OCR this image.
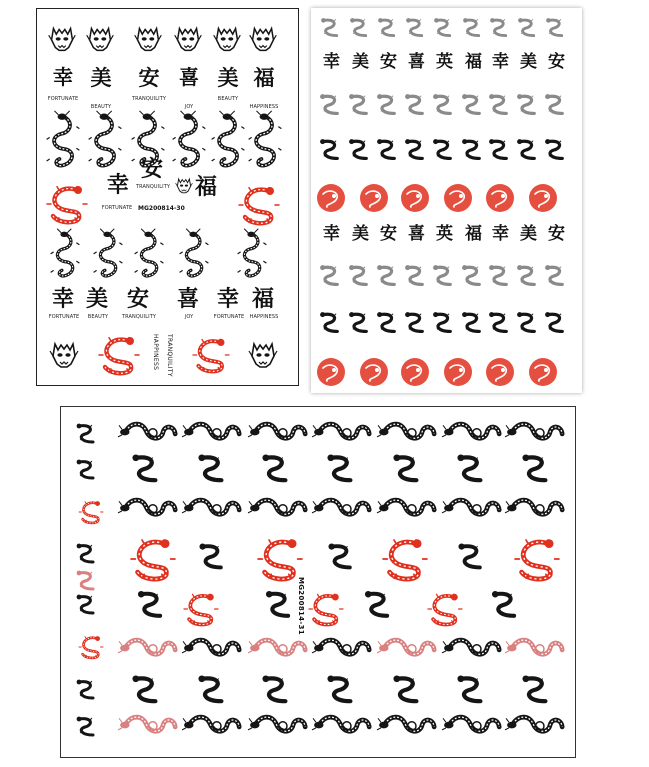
幸
FORTUNATE
美
BEAUTY
安
TRANQUILITY
喜
JOY
美
BEAUTY
福
HAPPINESS
幸
安
福
FORTUNATE
TRANQUILITY
幸
FORTUNATE
美
BEAUTY
安
TRANQUILITY
喜
JOY
幸
FORTUNATE
福
HAPPINESS
MG200814-30
HAPPINESS TRANQUILITY
幸 美 安 喜 英 福 幸 美 安
幸 美 安 喜 英 福 幸 美 安
MG200814-31
